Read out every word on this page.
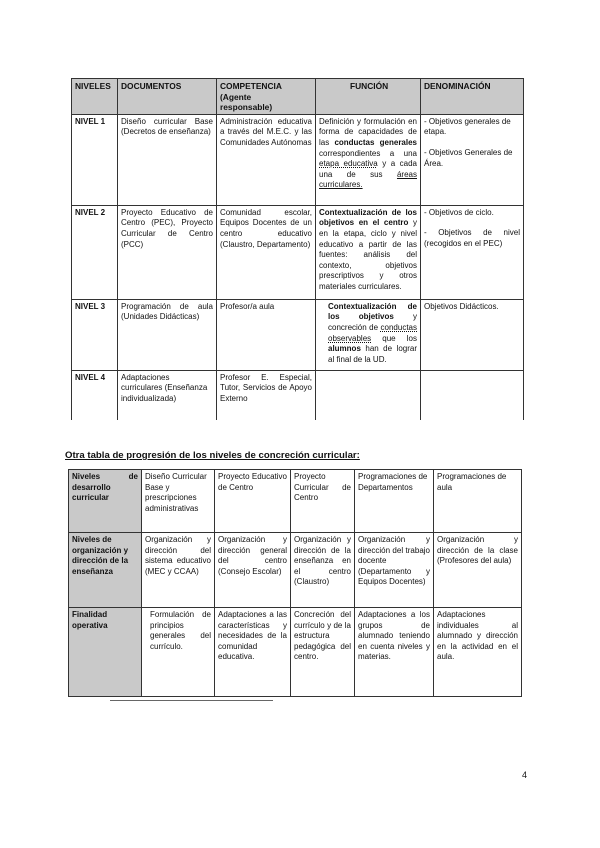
NIVELES	DOCUMENTOS	COMPETENCIA
(Agente
responsable)	FUNCIÓN	DENOMINACIÓN
NIVEL 1	Diseño curricular Base (Decretos de enseñanza)	Administración educativa a través del M.E.C. y las Comunidades Autónomas	Definición y formulación en forma de capacidades de las conductas generales correspondientes a una etapa educativa y a cada una de sus áreas curriculares.	- Objetivos generales de etapa.
- Objetivos Generales de Área.

NIVEL 2	Proyecto Educativo de Centro (PEC), Proyecto Curricular de Centro (PCC)	Comunidad escolar, Equipos Docentes de un centro educativo (Claustro, Departamento)	Contextualización de los objetivos en el centro y en la etapa, ciclo y nivel educativo a partir de las fuentes: análisis del contexto, objetivos prescriptivos y otros materiales curriculares.	- Objetivos de ciclo.
- Objetivos de nivel (recogidos en el PEC)

NIVEL 3	Programación de aula (Unidades Didácticas)	Profesor/a aula	Contextualización de los objetivos y concreción de conductas observables que los alumnos han de lograr al final de la UD.	Objetivos Didácticos.

NIVEL 4	Adaptaciones curriculares (Enseñanza individualizada)	Profesor E. Especial, Tutor, Servicios de Apoyo Externo		
Otra tabla de progresión de los niveles de concreción curricular:
Niveles de desarrollo curricular	Diseño Curricular Base y prescripciones administrativas	Proyecto Educativo de Centro	Proyecto Curricular de Centro	Programaciones de Departamentos	Programaciones de aula
Niveles de organización y dirección de la enseñanza	Organización y dirección del sistema educativo (MEC y CCAA)	Organización y dirección general del centro (Consejo Escolar)	Organización y dirección de la enseñanza en el centro (Claustro)	Organización y dirección del trabajo docente (Departamento y Equipos Docentes)	Organización y dirección de la clase (Profesores del aula)
Finalidad operativa	Formulación de principios generales del currículo.	Adaptaciones a las características y necesidades de la comunidad educativa.	Concreción del currículo y de la estructura pedagógica del centro.	Adaptaciones a los grupos de alumnado teniendo en cuenta niveles y materias.	Adaptaciones individuales al alumnado y dirección en la actividad en el aula.
4
